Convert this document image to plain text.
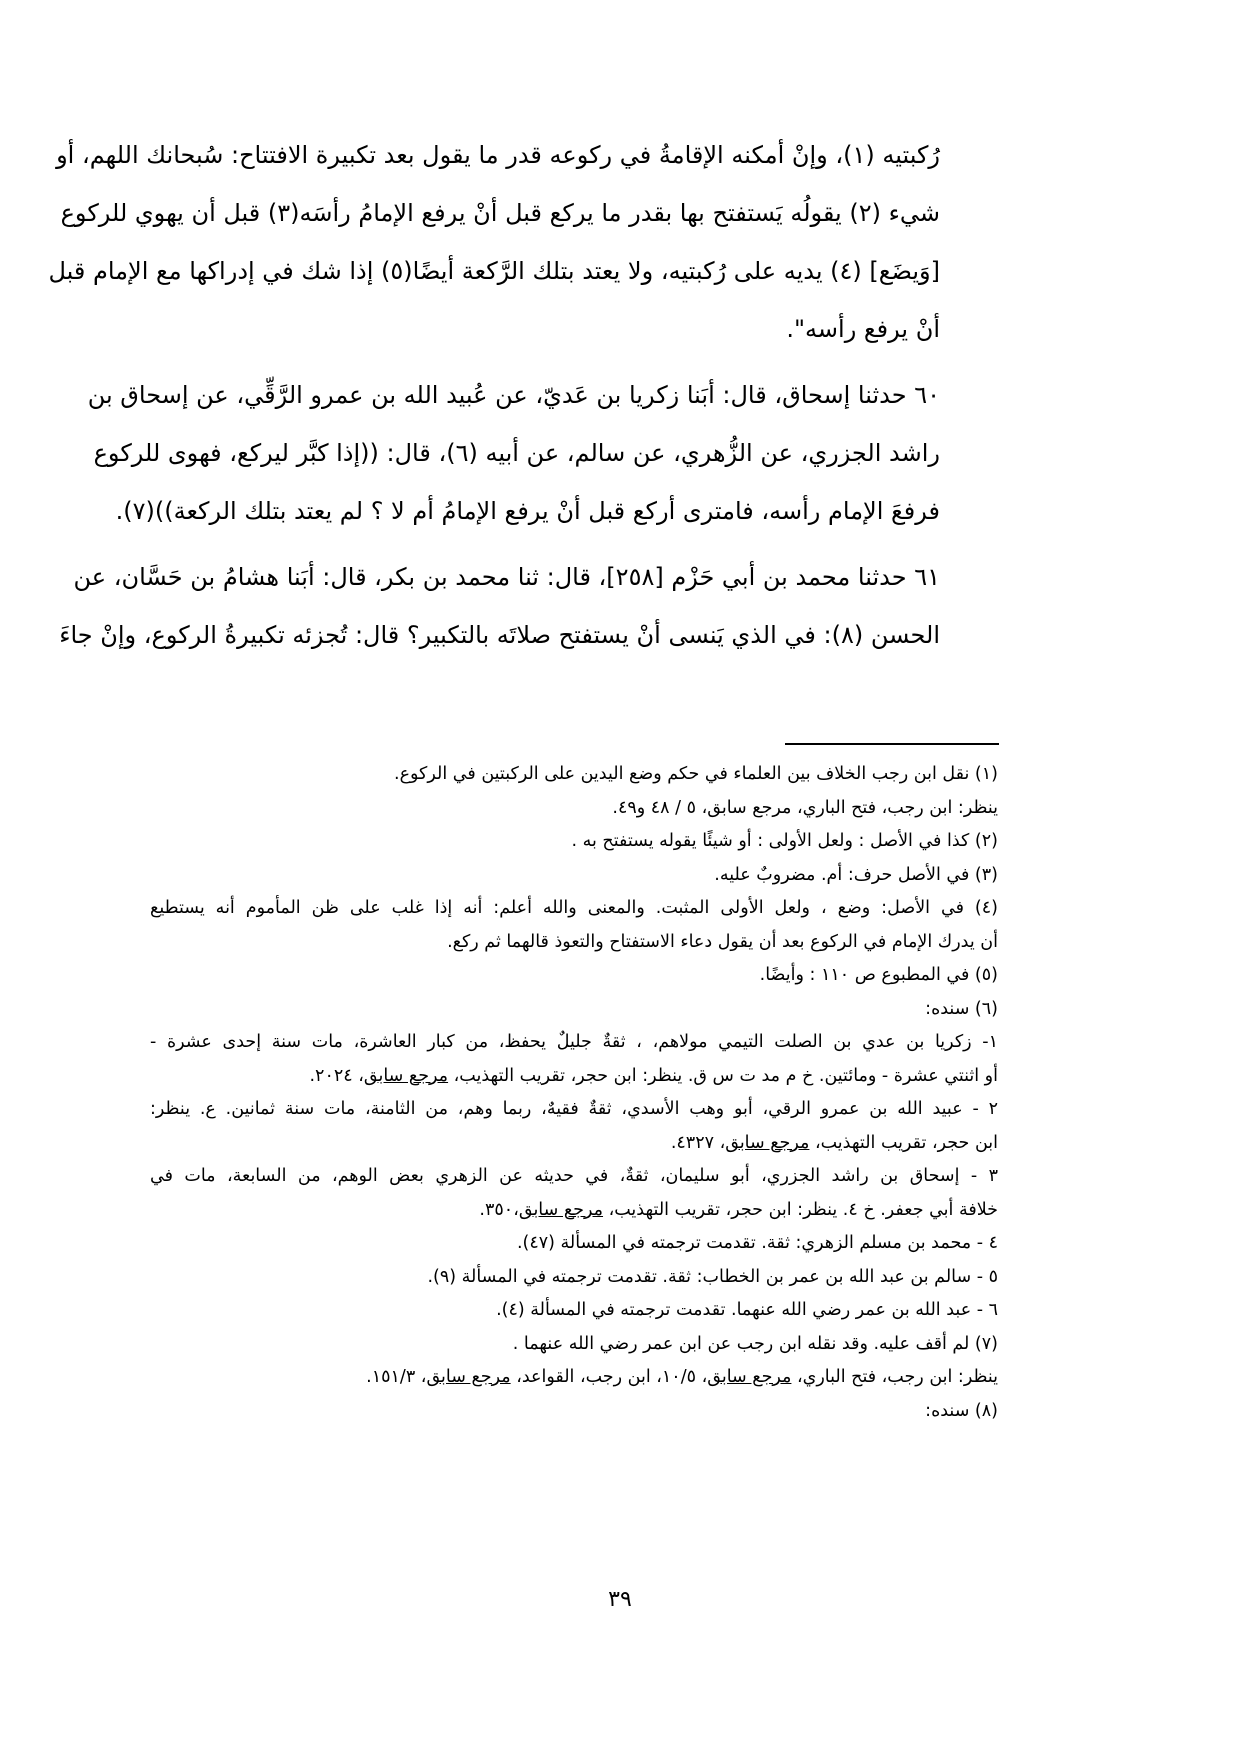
رُكبتيه (١)، وإنْ أمكنه الإقامةُ في ركوعه قدر ما يقول بعد تكبيرة الافتتاح: سُبحانك اللهم، أو
شيء (٢) يقولُه يَستفتح بها بقدر ما يركع قبل أنْ يرفع الإمامُ رأسَه(٣) قبل أن يهوي للركوع
[وَيضَع] (٤) يديه على رُكبتيه، ولا يعتد بتلك الرَّكعة أيضًا(٥) إذا شك في إدراكها مع الإمام قبل
أنْ يرفع رأسه".
٦٠ حدثنا إسحاق، قال: أبَنا زكريا بن عَديّ، عن عُبيد الله بن عمرو الرَّقِّي، عن إسحاق بن
راشد الجزري، عن الزُّهري، عن سالم، عن أبيه (٦)، قال: ((إذا كبَّر ليركع، فهوى للركوع
فرفعَ الإمام رأسه، فامترى أركع قبل أنْ يرفع الإمامُ أم لا ؟ لم يعتد بتلك الركعة))(٧).
٦١ حدثنا محمد بن أبي حَزْم [٢٥٨]، قال: ثنا محمد بن بكر، قال: أبَنا هشامُ بن حَسَّان، عن
الحسن (٨): في الذي يَنسى أنْ يستفتح صلاتَه بالتكبير؟ قال: تُجزئه تكبيرةُ الركوع، وإنْ جاءَ
(١) نقل ابن رجب الخلاف بين العلماء في حكم وضع اليدين على الركبتين في الركوع.
ينظر: ابن رجب، فتح الباري، مرجع سابق، ٥ / ٤٨ و٤٩.
(٢) كذا في الأصل : ولعل الأولى : أو شيئًا يقوله يستفتح به .
(٣) في الأصل حرف: أم. مضروبٌ عليه.
(٤) في الأصل: وضع ، ولعل الأولى المثبت. والمعنى والله أعلم: أنه إذا غلب على ظن المأموم أنه يستطيع
أن يدرك الإمام في الركوع بعد أن يقول دعاء الاستفتاح والتعوذ قالهما ثم ركع.
(٥) في المطبوع ص ١١٠ : وأيضًا.
(٦) سنده:
١- زكريا بن عدي بن الصلت التيمي مولاهم، ، ثقةٌ جليلٌ يحفظ، من كبار العاشرة، مات سنة إحدى عشرة -
أو اثنتي عشرة - ومائتين. خ م مد ت س ق. ينظر: ابن حجر، تقريب التهذيب، مرجع سابق، ٢٠٢٤.
٢ - عبيد الله بن عمرو الرقي، أبو وهب الأسدي، ثقةٌ فقيهٌ، ربما وهم، من الثامنة، مات سنة ثمانين. ع. ينظر:
ابن حجر، تقريب التهذيب، مرجع سابق، ٤٣٢٧.
٣ - إسحاق بن راشد الجزري، أبو سليمان، ثقةٌ، في حديثه عن الزهري بعض الوهم، من السابعة، مات في
خلافة أبي جعفر. خ ٤. ينظر: ابن حجر، تقريب التهذيب، مرجع سابق،٣٥٠.
٤ - محمد بن مسلم الزهري: ثقة. تقدمت ترجمته في المسألة (٤٧).
٥ - سالم بن عبد الله بن عمر بن الخطاب: ثقة. تقدمت ترجمته في المسألة (٩).
٦ - عبد الله بن عمر رضي الله عنهما. تقدمت ترجمته في المسألة (٤).
(٧) لم أقف عليه. وقد نقله ابن رجب عن ابن عمر رضي الله عنهما .
ينظر: ابن رجب، فتح الباري، مرجع سابق، ١٠/٥، ابن رجب، القواعد، مرجع سابق، ١٥١/٣.
(٨) سنده:
٣٩
